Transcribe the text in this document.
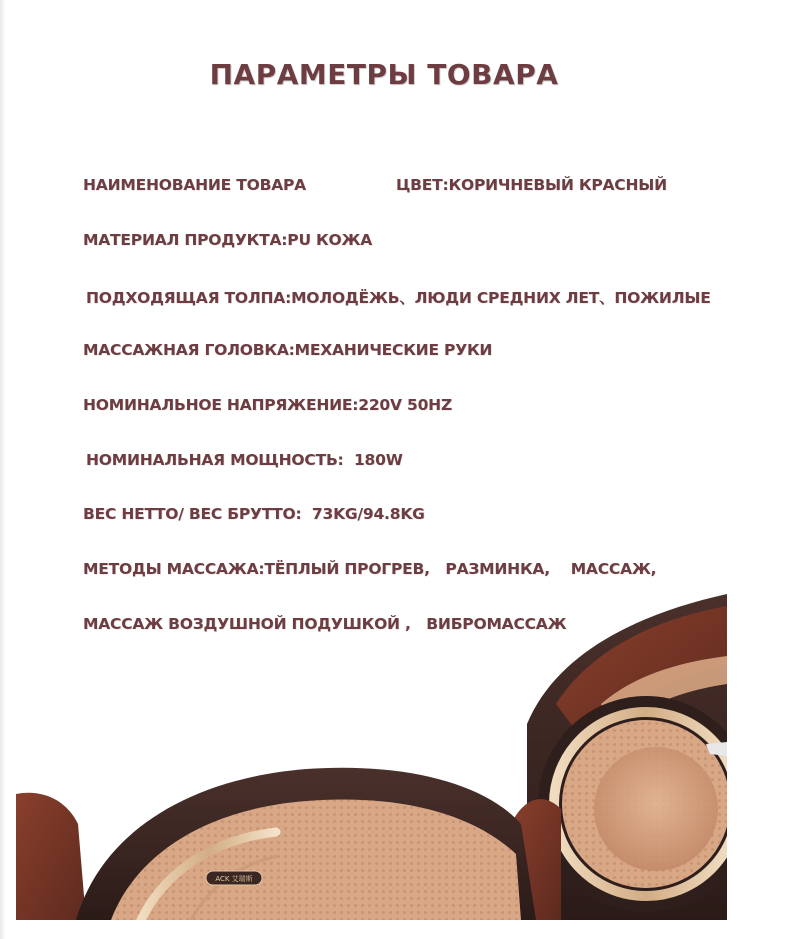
ПАРАМЕТРЫ ТОВАРА
НАИМЕНОВАНИЕ ТОВАРА	ЦВЕТ:КОРИЧНЕВЫЙ КРАСНЫЙ
МАТЕРИАЛ ПРОДУКТА:PU КОЖА
ПОДХОДЯЩАЯ ТОЛПА:МОЛОДЁЖЬ、ЛЮДИ СРЕДНИХ ЛЕТ、ПОЖИЛЫЕ
МАССАЖНАЯ ГОЛОВКА:МЕХАНИЧЕСКИЕ РУКИ
НОМИНАЛЬНОЕ НАПРЯЖЕНИЕ:220V 50HZ
НОМИНАЛЬНАЯ МОЩНОСТЬ:  180W
ВЕС НЕТТО/ ВЕС БРУТТО:  73KG/94.8KG
МЕТОДЫ МАССАЖА:ТЁПЛЫЙ ПРОГРЕВ,   РАЗМИНКА,    МАССАЖ,
МАССАЖ ВОЗДУШНОЙ ПОДУШКОЙ ,   ВИБРОМАССАЖ
ACK 艾瑞斯
